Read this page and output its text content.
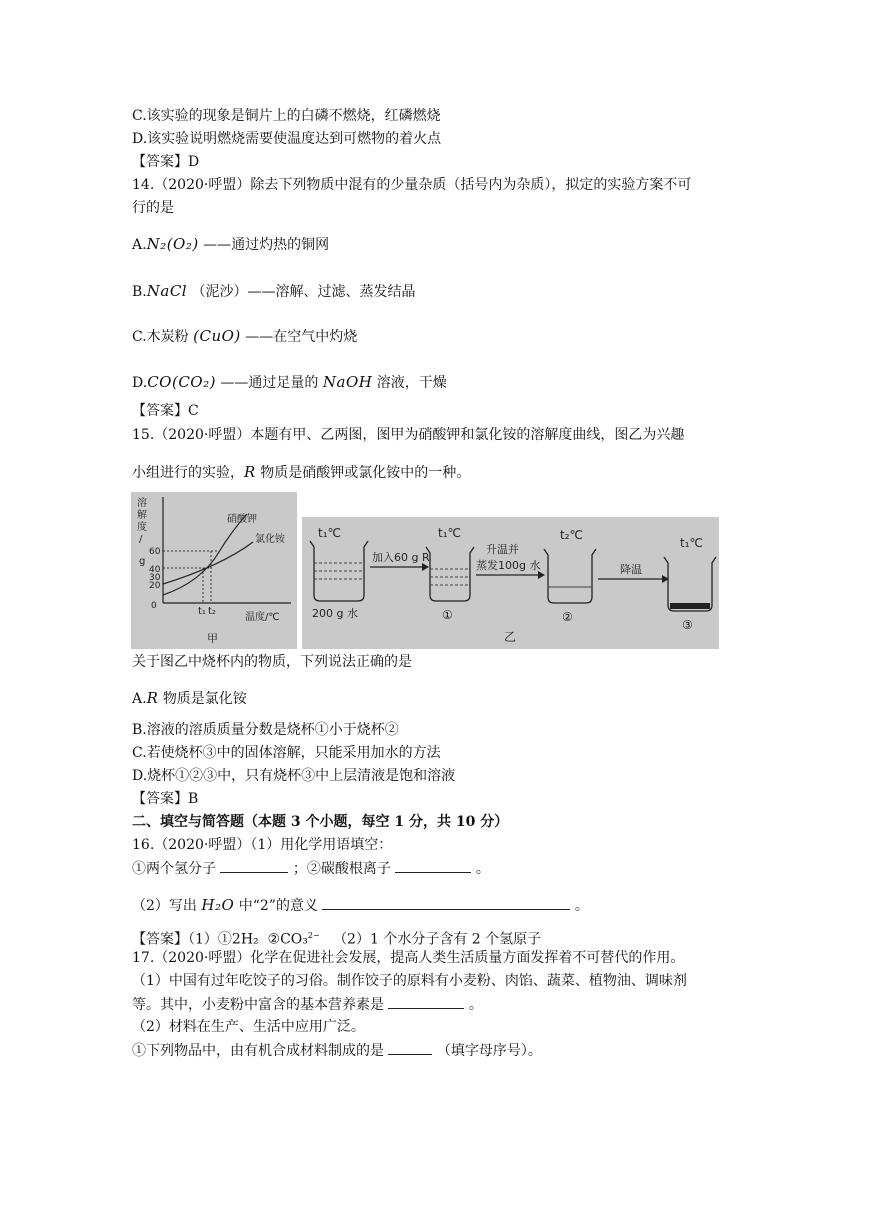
C.该实验的现象是铜片上的白磷不燃烧，红磷燃烧
D.该实验说明燃烧需要使温度达到可燃物的着火点
【答案】D
14.（2020·呼盟）除去下列物质中混有的少量杂质（括号内为杂质），拟定的实验方案不可
行的是
A.N₂(O₂) ——通过灼热的铜网
B.NaCl （泥沙）——溶解、过滤、蒸发结晶
C.木炭粉 (CuO) ——在空气中灼烧
D.CO(CO₂) ——通过足量的 NaOH 溶液，干燥
【答案】C
15.（2020·呼盟）本题有甲、乙两图，图甲为硝酸钾和氯化铵的溶解度曲线，图乙为兴趣
小组进行的实验，R 物质是硝酸钾或氯化铵中的一种。
溶
解
度
/
g
60
40
30
20
0
硝酸钾
氯化铵
t₁ t₂
温度/℃
甲
t₁℃
200 g 水
加入60 g R
t₁℃
①
升温并
蒸发100g 水
t₂℃
②
降温
t₁℃
③
乙
关于图乙中烧杯内的物质，下列说法正确的是
A.R 物质是氯化铵
B.溶液的溶质质量分数是烧杯①小于烧杯②
C.若使烧杯③中的固体溶解，只能采用加水的方法
D.烧杯①②③中，只有烧杯③中上层清液是饱和溶液
【答案】B
二、填空与简答题（本题 3 个小题，每空 1 分，共 10 分）
16.（2020·呼盟）（1）用化学用语填空：
①两个氢分子	；②碳酸根离子	。
（2）写出 H₂O 中“2”的意义	。
【答案】（1）①2H₂ ②CO₃$^{2-}$ （2）1 个水分子含有 2 个氢原子
17.（2020·呼盟）化学在促进社会发展，提高人类生活质量方面发挥着不可替代的作用。
（1）中国有过年吃饺子的习俗。制作饺子的原料有小麦粉、肉馅、蔬菜、植物油、调味剂
等。其中，小麦粉中富含的基本营养素是	。
（2）材料在生产、生活中应用广泛。
①下列物品中，由有机合成材料制成的是	（填字母序号）。
